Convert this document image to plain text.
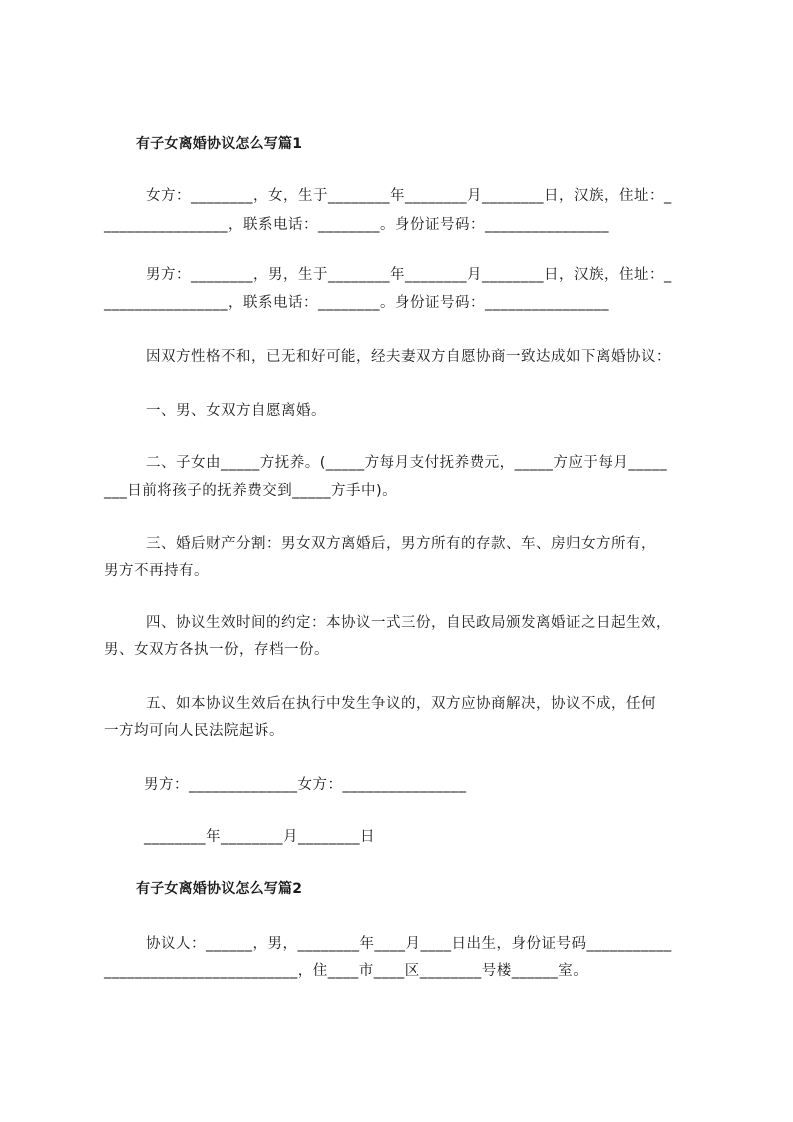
有子女离婚协议怎么写篇1
女方：________，女，生于________年________月________日，汉族，住址：_
________________，联系电话：________。身份证号码：________________
男方：________，男，生于________年________月________日，汉族，住址：_
________________，联系电话：________。身份证号码：________________
因双方性格不和，已无和好可能，经夫妻双方自愿协商一致达成如下离婚协议：
一、男、女双方自愿离婚。
二、子女由_____方抚养。(_____方每月支付抚养费元，_____方应于每月_____
___日前将孩子的抚养费交到_____方手中)。
三、婚后财产分割：男女双方离婚后，男方所有的存款、车、房归女方所有，
男方不再持有。
四、协议生效时间的约定：本协议一式三份，自民政局颁发离婚证之日起生效，
男、女双方各执一份，存档一份。
五、如本协议生效后在执行中发生争议的，双方应协商解决，协议不成，任何
一方均可向人民法院起诉。
男方：______________女方：________________
________年________月________日
有子女离婚协议怎么写篇2
协议人：______，男，________年____月____日出生，身份证号码___________
_________________________，住____市____区________号楼______室。
